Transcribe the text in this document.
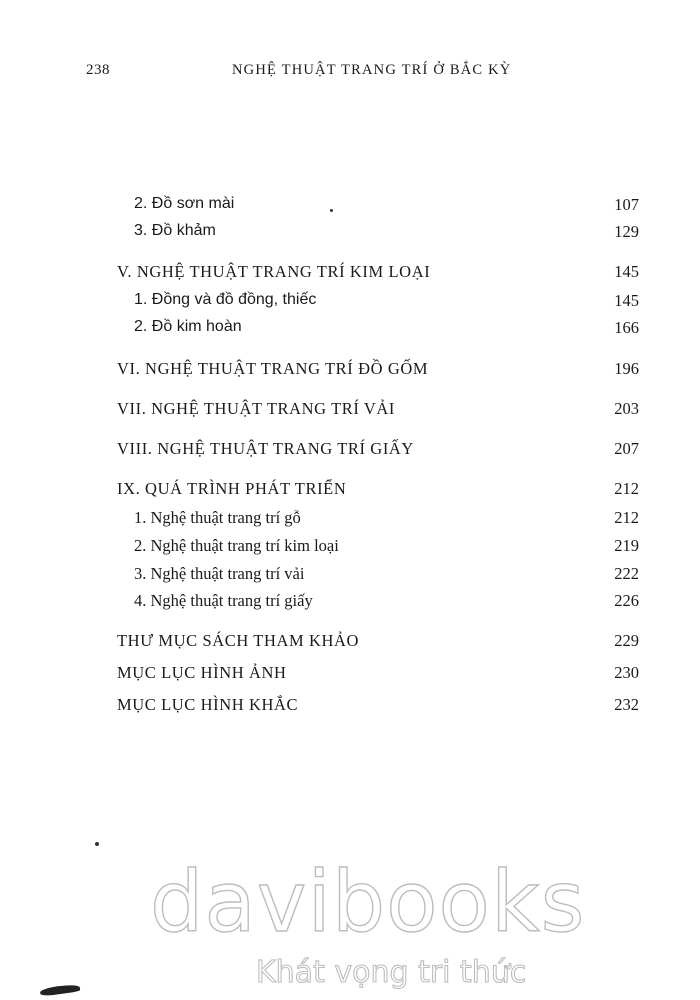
238	NGHỆ THUẬT TRANG TRÍ Ở BẮC KỲ
2. Đồ sơn mài	107
3. Đồ khảm	129
V. NGHỆ THUẬT TRANG TRÍ KIM LOẠI	145
1. Đồng và đồ đồng, thiếc	145
2. Đồ kim hoàn	166
VI. NGHỆ THUẬT TRANG TRÍ ĐỒ GỐM	196
VII. NGHỆ THUẬT TRANG TRÍ VẢI	203
VIII. NGHỆ THUẬT TRANG TRÍ GIẤY	207
IX. QUÁ TRÌNH PHÁT TRIỂN	212
1. Nghệ thuật trang trí gỗ	212
2. Nghệ thuật trang trí kim loại	219
3. Nghệ thuật trang trí vải	222
4. Nghệ thuật trang trí giấy	226
THƯ MỤC SÁCH THAM KHẢO	229
MỤC LỤC HÌNH ẢNH	230
MỤC LỤC HÌNH KHẮC	232
davibooks
Khát vọng tri thức
